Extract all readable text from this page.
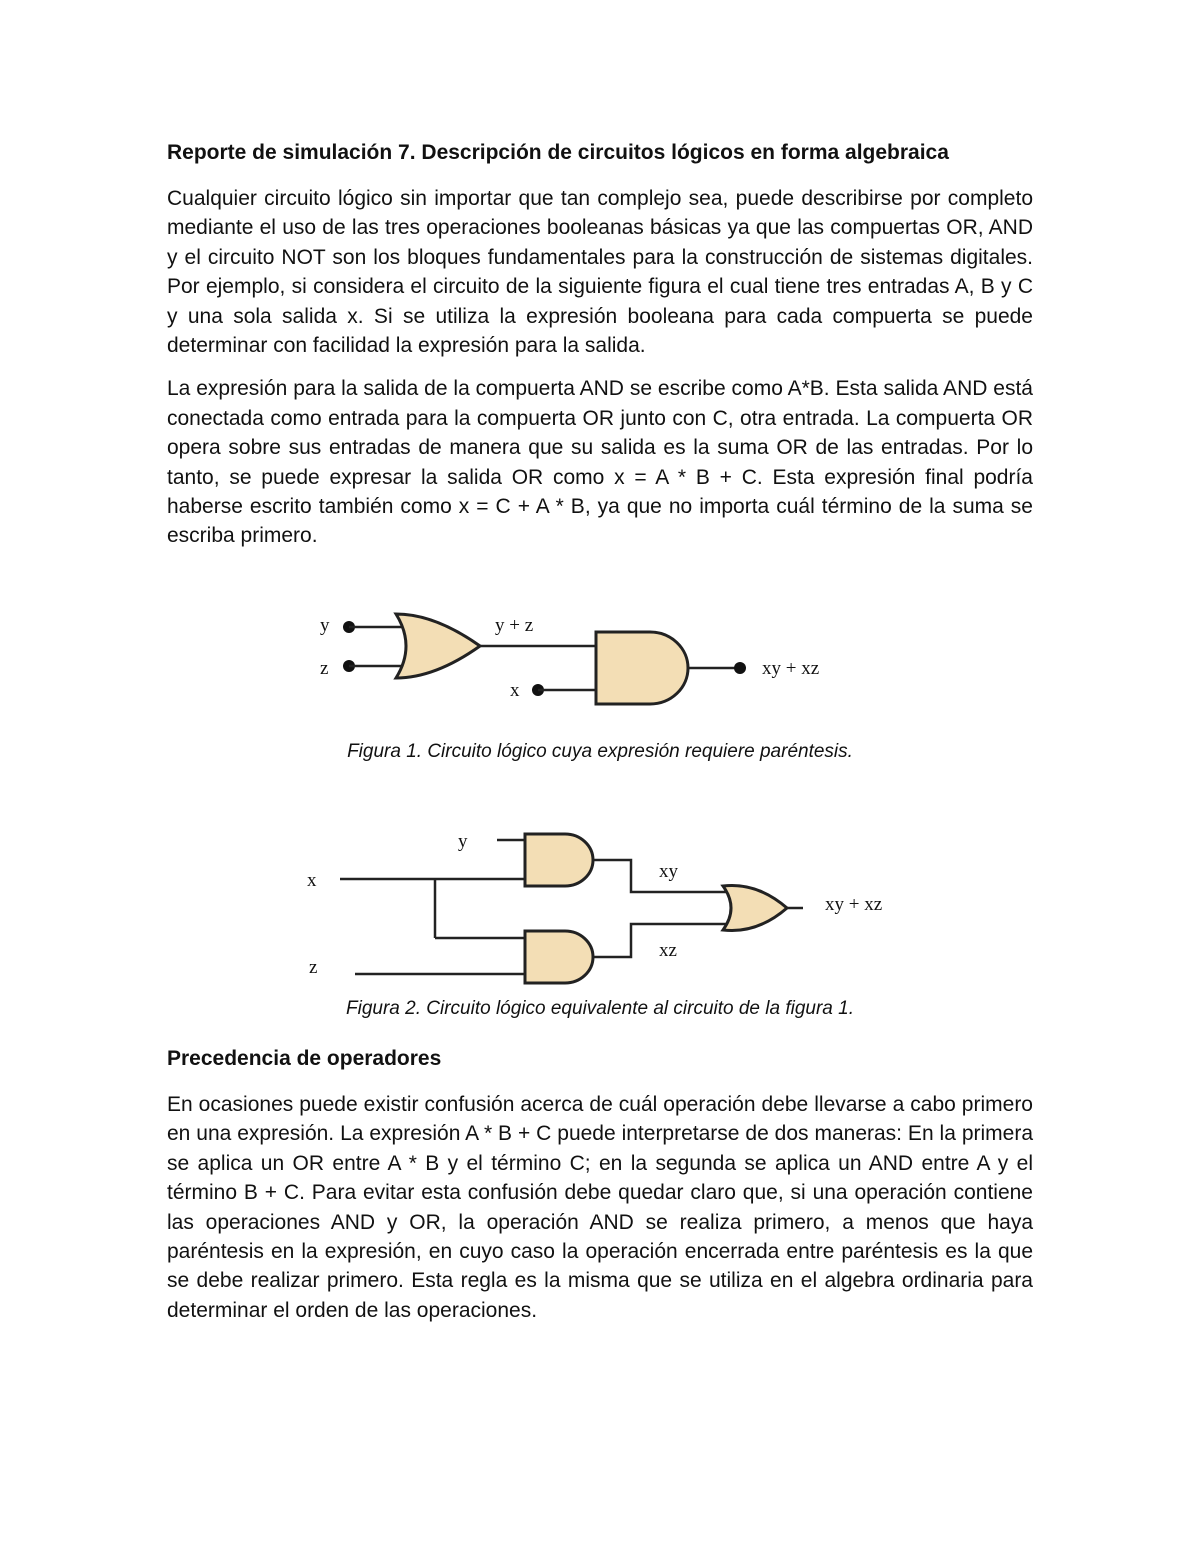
Reporte de simulación 7. Descripción de circuitos lógicos en forma algebraica

Cualquier circuito lógico sin importar que tan complejo sea, puede describirse por completo mediante el uso de las tres operaciones booleanas básicas ya que las compuertas OR, AND y el circuito NOT son los bloques fundamentales para la construcción de sistemas digitales. Por ejemplo, si considera el circuito de la siguiente figura el cual tiene tres entradas A, B y C y una sola salida x. Si se utiliza la expresión booleana para cada compuerta se puede determinar con facilidad la expresión para la salida.

La expresión para la salida de la compuerta AND se escribe como A*B. Esta salida AND está conectada como entrada para la compuerta OR junto con C, otra entrada. La compuerta OR opera sobre sus entradas de manera que su salida es la suma OR de las entradas. Por lo tanto, se puede expresar la salida OR como x = A * B + C. Esta expresión final podría haberse escrito también como x = C + A * B, ya que no importa cuál término de la suma se escriba primero.

y
z
y + z
x
xy + xz
Figura 1. Circuito lógico cuya expresión requiere paréntesis.
y
x
z
xy
xz
xy + xz
Figura 2. Circuito lógico equivalente al circuito de la figura 1.
Precedencia de operadores

En ocasiones puede existir confusión acerca de cuál operación debe llevarse a cabo primero en una expresión. La expresión A * B + C puede interpretarse de dos maneras: En la primera se aplica un OR entre A * B y el término C; en la segunda se aplica un AND entre A y el término B + C. Para evitar esta confusión debe quedar claro que, si una operación contiene las operaciones AND y OR, la operación AND se realiza primero, a menos que haya paréntesis en la expresión, en cuyo caso la operación encerrada entre paréntesis es la que se debe realizar primero. Esta regla es la misma que se utiliza en el algebra ordinaria para determinar el orden de las operaciones.
